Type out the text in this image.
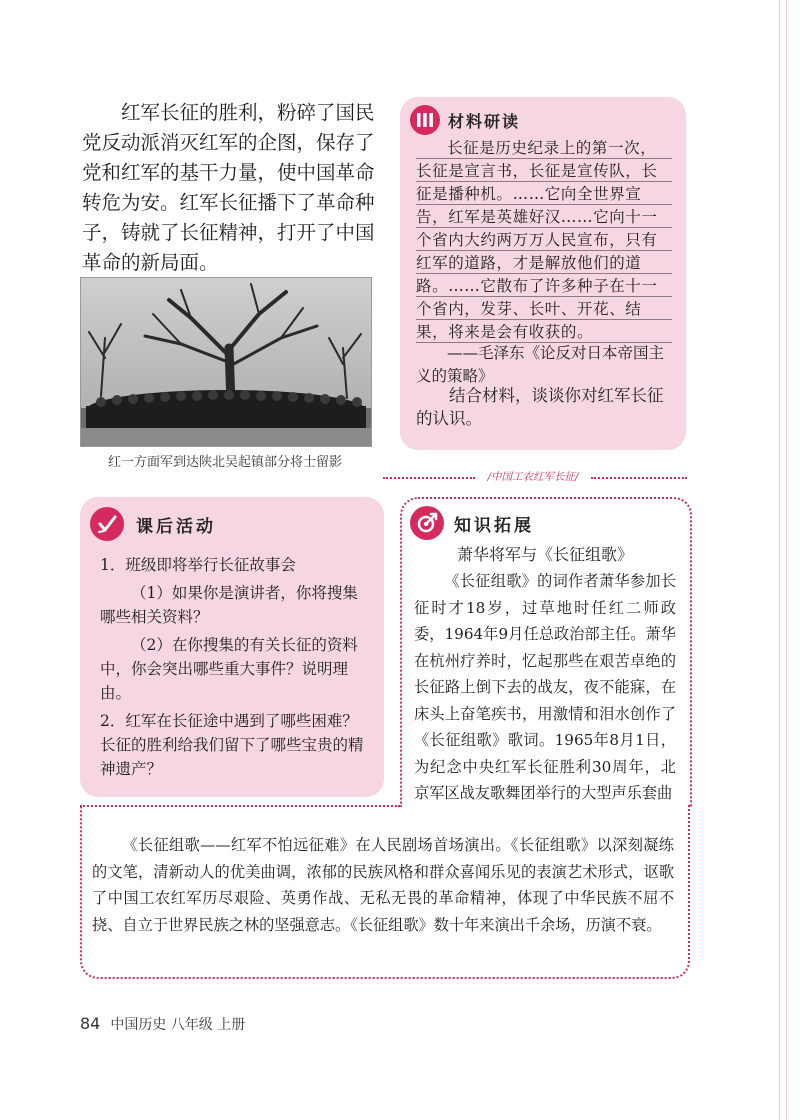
红军长征的胜利，粉碎了国民党反动派消灭红军的企图，保存了党和红军的基干力量，使中国革命转危为安。红军长征播下了革命种子，铸就了长征精神，打开了中国革命的新局面。

红一方面军到达陕北吴起镇部分将士留影
材料研读

长征是历史纪录上的第一次，长征是宣言书，长征是宣传队，长征是播种机。……它向全世界宣告，红军是英雄好汉……它向十一个省内大约两万万人民宣布，只有红军的道路，才是解放他们的道路。……它散布了许多种子在十一个省内，发芽、长叶、开花、结果，将来是会有收获的。

——毛泽东《论反对日本帝国主义的策略》

结合材料，谈谈你对红军长征的认识。

/中国工农红军长征/
课后活动

1．班级即将举行长征故事会

（1）如果你是演讲者，你将搜集哪些相关资料？

（2）在你搜集的有关长征的资料中，你会突出哪些重大事件？说明理由。

2．红军在长征途中遇到了哪些困难？长征的胜利给我们留下了哪些宝贵的精神遗产？

知识拓展
萧华将军与《长征组歌》

《长征组歌》的词作者萧华参加长征时才18岁，过草地时任红二师政委，1964年9月任总政治部主任。萧华在杭州疗养时，忆起那些在艰苦卓绝的长征路上倒下去的战友，夜不能寐，在床头上奋笔疾书，用激情和泪水创作了《长征组歌》歌词。1965年8月1日，为纪念中央红军长征胜利30周年，北京军区战友歌舞团举行的大型声乐套曲

《长征组歌——红军不怕远征难》在人民剧场首场演出。《长征组歌》以深刻凝练的文笔，清新动人的优美曲调，浓郁的民族风格和群众喜闻乐见的表演艺术形式，讴歌了中国工农红军历尽艰险、英勇作战、无私无畏的革命精神，体现了中华民族不屈不挠、自立于世界民族之林的坚强意志。《长征组歌》数十年来演出千余场，历演不衰。

84 中国历史 八年级 上册
